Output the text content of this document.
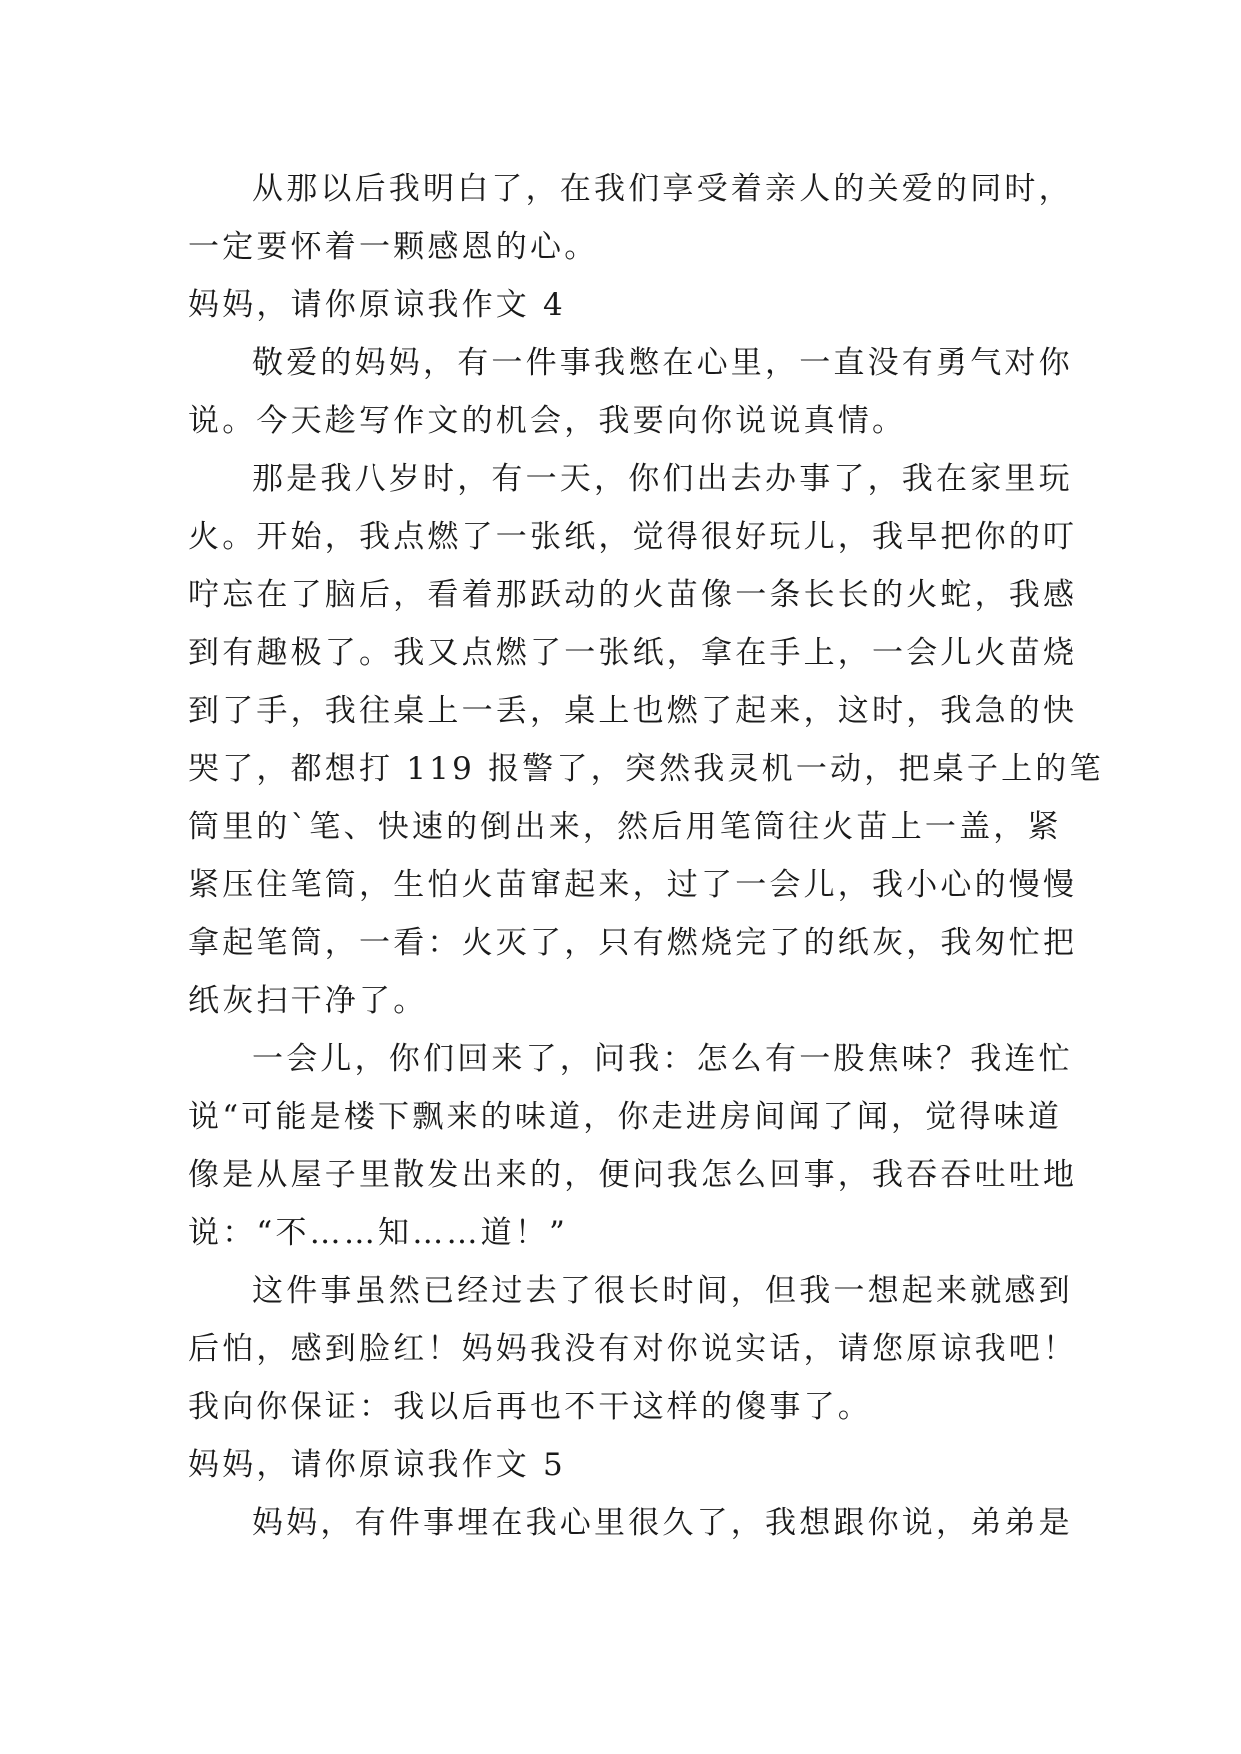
从那以后我明白了，在我们享受着亲人的关爱的同时，
一定要怀着一颗感恩的心。
妈妈，请你原谅我作文 4
敬爱的妈妈，有一件事我憋在心里，一直没有勇气对你
说。今天趁写作文的机会，我要向你说说真情。
那是我八岁时，有一天，你们出去办事了，我在家里玩
火。开始，我点燃了一张纸，觉得很好玩儿，我早把你的叮
咛忘在了脑后，看着那跃动的火苗像一条长长的火蛇，我感
到有趣极了。我又点燃了一张纸，拿在手上，一会儿火苗烧
到了手，我往桌上一丢，桌上也燃了起来，这时，我急的快
哭了，都想打 119 报警了，突然我灵机一动，把桌子上的笔
筒里的`笔、快速的倒出来，然后用笔筒往火苗上一盖，紧
紧压住笔筒，生怕火苗窜起来，过了一会儿，我小心的慢慢
拿起笔筒，一看：火灭了，只有燃烧完了的纸灰，我匆忙把
纸灰扫干净了。
一会儿，你们回来了，问我：怎么有一股焦味？我连忙
说“可能是楼下飘来的味道，你走进房间闻了闻，觉得味道
像是从屋子里散发出来的，便问我怎么回事，我吞吞吐吐地
说：“不……知……道！”
这件事虽然已经过去了很长时间，但我一想起来就感到
后怕，感到脸红！妈妈我没有对你说实话，请您原谅我吧！
我向你保证：我以后再也不干这样的傻事了。
妈妈，请你原谅我作文 5
妈妈，有件事埋在我心里很久了，我想跟你说，弟弟是
